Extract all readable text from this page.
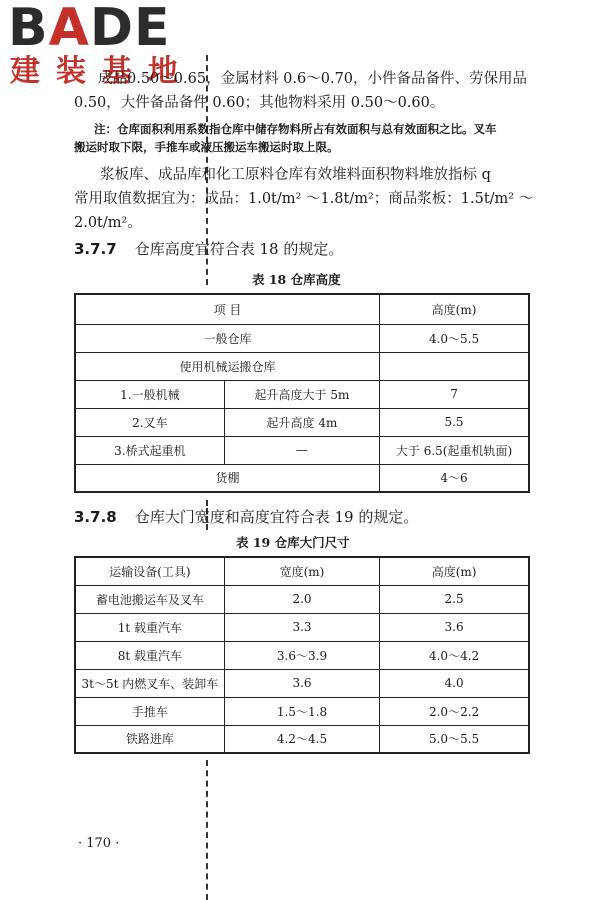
BADE
建装基地
成品0.50～0.65，金属材料 0.6～0.70，小件备品备件、劳保用品
0.50，大件备品备件 0.60；其他物料采用 0.50～0.60。
注：仓库面积利用系数指仓库中储存物料所占有效面积与总有效面积之比。叉车
搬运时取下限，手推车或液压搬运车搬运时取上限。
浆板库、成品库和化工原料仓库有效堆料面积物料堆放指标 q
常用取值数据宜为：成品：1.0t/m² ～1.8t/m²；商品浆板：1.5t/m² ～
2.0t/m²。
3.7.7 仓库高度宜符合表 18 的规定。
表 18 仓库高度
项 目		高度(m)
一般仓库		4.0～5.5
使用机械运搬仓库		
1.一般机械	起升高度大于 5m	7
2.叉车	起升高度 4m	5.5
3.桥式起重机	—	大于 6.5(起重机轨面)
货棚		4～6
3.7.8 仓库大门宽度和高度宜符合表 19 的规定。
表 19 仓库大门尺寸
运输设备(工具)	宽度(m)	高度(m)
蓄电池搬运车及叉车	2.0	2.5
1t 载重汽车	3.3	3.6
8t 载重汽车	3.6～3.9	4.0～4.2
3t～5t 内燃叉车、装卸车	3.6	4.0
手推车	1.5～1.8	2.0～2.2
铁路进库	4.2～4.5	5.0～5.5
· 170 ·
